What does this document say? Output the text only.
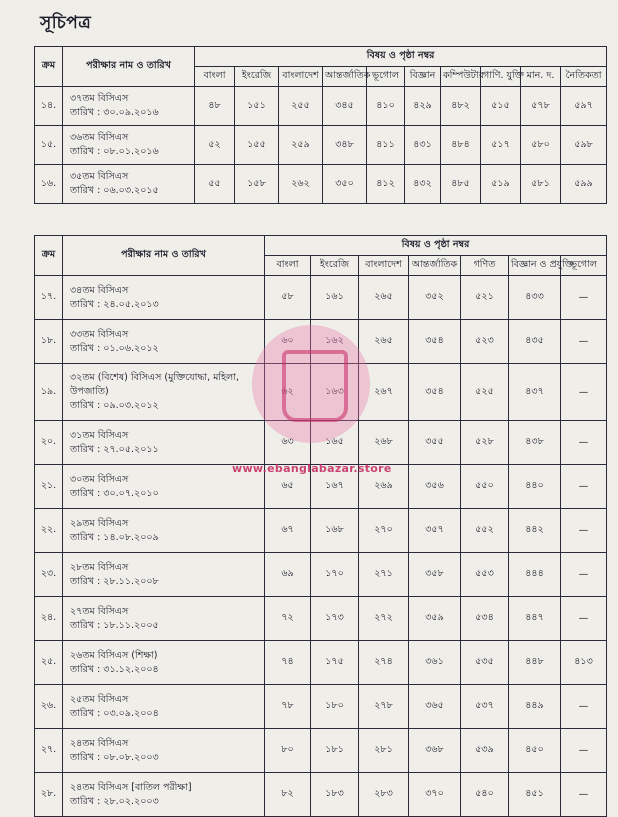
সূচিপত্র
ক্রম	পরীক্ষার নাম ও তারিখ	বিষয় ও পৃষ্ঠা নম্বর									
		বাংলা	ইংরেজি	বাংলাদেশ	আন্তর্জাতিক	ভূগোল	বিজ্ঞান	কম্পিউটার	গাণি. যুক্তি	মান. দ.	নৈতিকতা
১৪.	৩৭তম বিসিএস
তারিখ : ৩০.০৯.২০১৬	৪৮	১৫১	২৫৫	৩৪৫	৪১০	৪২৯	৪৮২	৫১৫	৫৭৮	৫৯৭
১৫.	৩৬তম বিসিএস
তারিখ : ০৮.০১.২০১৬	৫২	১৫৫	২৫৯	৩৪৮	৪১১	৪৩১	৪৮৪	৫১৭	৫৮০	৫৯৮
১৬.	৩৫তম বিসিএস
তারিখ : ০৬.০৩.২০১৫	৫৫	১৫৮	২৬২	৩৫০	৪১২	৪৩২	৪৮৫	৫১৯	৫৮১	৫৯৯
ক্রম	পরীক্ষার নাম ও তারিখ	বিষয় ও পৃষ্ঠা নম্বর						
		বাংলা	ইংরেজি	বাংলাদেশ	আন্তর্জাতিক	গণিত	বিজ্ঞান ও প্রযুক্তি	ভূগোল
১৭.	৩৪তম বিসিএস
তারিখ : ২৪.০৫.২০১৩	৫৮	১৬১	২৬৫	৩৫২	৫২১	৪৩৩	—
১৮.	৩৩তম বিসিএস
তারিখ : ০১.০৬.২০১২	৬০	১৬২	২৬৫	৩৫৪	৫২৩	৪৩৫	—
১৯.	৩২তম (বিশেষ) বিসিএস (মুক্তিযোদ্ধা, মহিলা, উপজাতি)
তারিখ : ০৯.০৩.২০১২	৬২	১৬৩	২৬৭	৩৫৪	৫২৫	৪৩৭	—
২০.	৩১তম বিসিএস
তারিখ : ২৭.০৫.২০১১	৬৩	১৬৫	২৬৮	৩৫৫	৫২৮	৪৩৮	—
২১.	৩০তম বিসিএস
তারিখ : ৩০.০৭.২০১০	৬৫	১৬৭	২৬৯	৩৫৬	৫৫০	৪৪০	—
২২.	২৯তম বিসিএস
তারিখ : ১৪.০৮.২০০৯	৬৭	১৬৮	২৭০	৩৫৭	৫৫২	৪৪২	—
২৩.	২৮তম বিসিএস
তারিখ : ২৮.১১.২০০৮	৬৯	১৭০	২৭১	৩৫৮	৫৫৩	৪৪৪	—
২৪.	২৭তম বিসিএস
তারিখ : ১৮.১১.২০০৫	৭২	১৭৩	২৭২	৩৫৯	৫৩৪	৪৪৭	—
২৫.	২৬তম বিসিএস (শিক্ষা)
তারিখ : ৩১.১২.২০০৪	৭৪	১৭৫	২৭৪	৩৬১	৫৩৫	৪৪৮	৪১৩
২৬.	২৫তম বিসিএস
তারিখ : ০৩.০৯.২০০৪	৭৮	১৮০	২৭৮	৩৬৫	৫৩৭	৪৪৯	—
২৭.	২৪তম বিসিএস
তারিখ : ০৮.০৮.২০০৩	৮০	১৮১	২৮১	৩৬৮	৫৩৯	৪৫০	—
২৮.	২৪তম বিসিএস [বাতিল পরীক্ষা]
তারিখ : ২৮.০২.২০০৩	৮২	১৮৩	২৮৩	৩৭০	৫৪০	৪৫১	—
www.ebanglabazar.store
